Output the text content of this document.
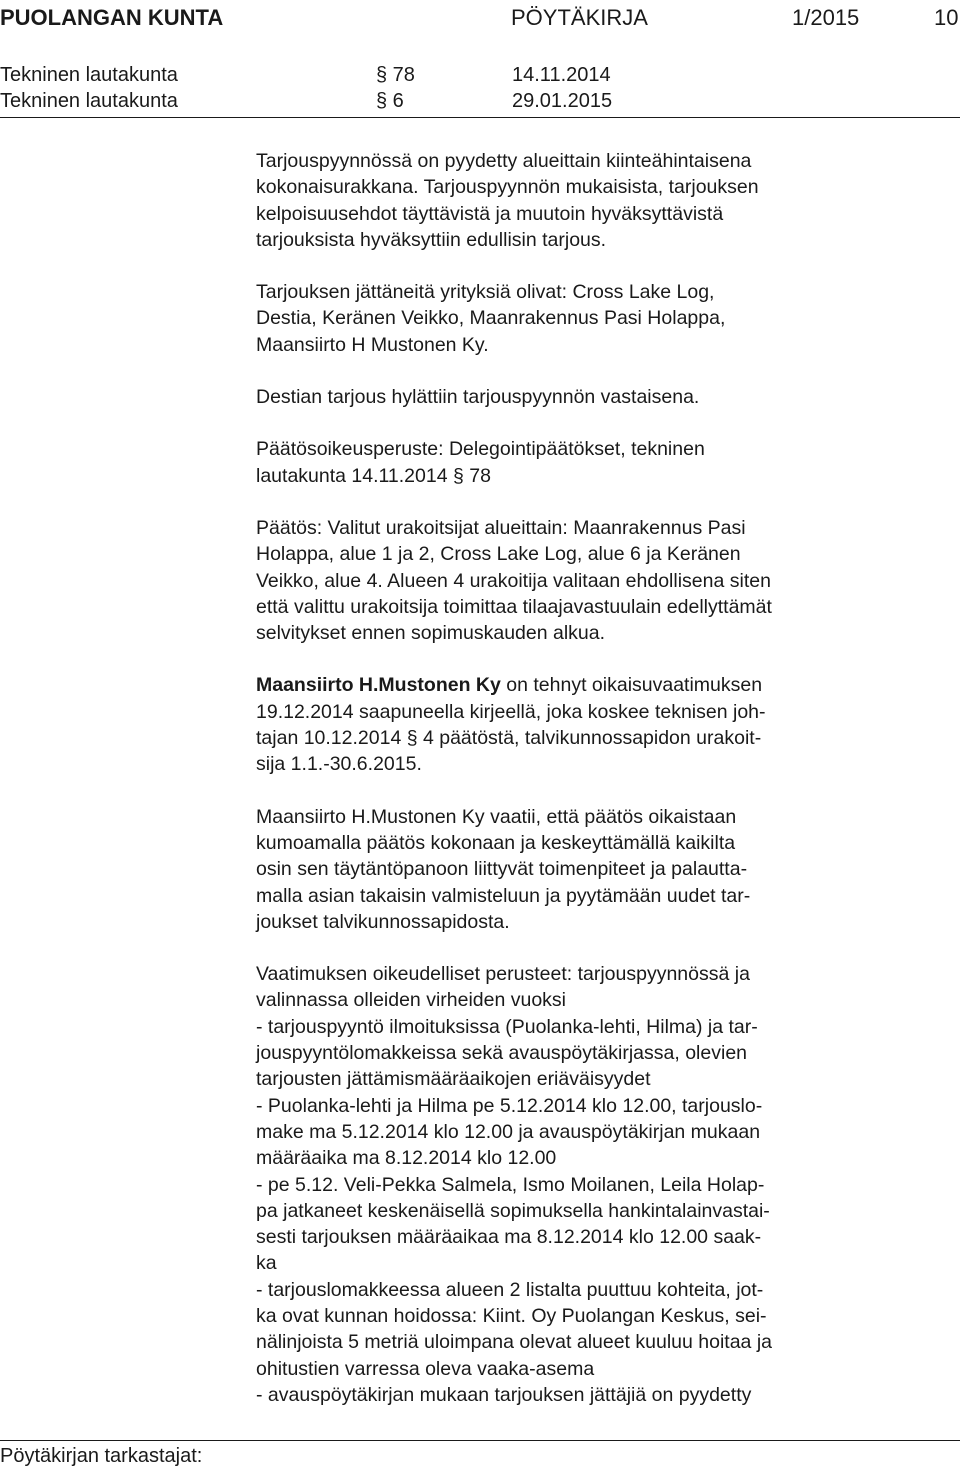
PUOLANGAN KUNTA	PÖYTÄKIRJA	1/2015	10
Tekninen lautakunta	§ 78	14.11.2014
Tekninen lautakunta	§ 6	29.01.2015

Tarjouspyynnössä on pyydetty alueittain kiinteähintaisena
kokonaisurakkana. Tarjouspyynnön mukaisista, tarjouksen
kelpoisuusehdot täyttävistä ja muutoin hyväksyttävistä
tarjouksista hyväksyttiin edullisin tarjous.

Tarjouksen jättäneitä yrityksiä olivat: Cross Lake Log,
Destia, Keränen Veikko, Maanrakennus Pasi Holappa,
Maansiirto H Mustonen Ky.

Destian tarjous hylättiin tarjouspyynnön vastaisena.

Päätösoikeusperuste: Delegointipäätökset, tekninen
lautakunta 14.11.2014 § 78

Päätös: Valitut urakoitsijat alueittain: Maanrakennus Pasi
Holappa, alue 1 ja 2, Cross Lake Log, alue 6 ja Keränen
Veikko, alue 4. Alueen 4 urakoitija valitaan ehdollisena siten
että valittu urakoitsija toimittaa tilaajavastuulain edellyttämät
selvitykset ennen sopimuskauden alkua.

Maansiirto H.Mustonen Ky on tehnyt oikaisuvaatimuksen
19.12.2014 saapuneella kirjeellä, joka koskee teknisen joh-
tajan 10.12.2014 § 4 päätöstä, talvikunnossapidon urakoit-
sija 1.1.-30.6.2015.

Maansiirto H.Mustonen Ky vaatii, että päätös oikaistaan
kumoamalla päätös kokonaan ja keskeyttämällä kaikilta
osin sen täytäntöpanoon liittyvät toimenpiteet ja palautta-
malla asian takaisin valmisteluun ja pyytämään uudet tar-
joukset talvikunnossapidosta.

Vaatimuksen oikeudelliset perusteet: tarjouspyynnössä ja
valinnassa olleiden virheiden vuoksi
- tarjouspyyntö ilmoituksissa (Puolanka-lehti, Hilma) ja tar-
jouspyyntölomakkeissa sekä avauspöytäkirjassa, olevien
tarjousten jättämismääräaikojen eriäväisyydet
- Puolanka-lehti ja Hilma pe 5.12.2014 klo 12.00, tarjouslo-
make ma 5.12.2014 klo 12.00 ja avauspöytäkirjan mukaan
määräaika ma 8.12.2014 klo 12.00
- pe 5.12. Veli-Pekka Salmela, Ismo Moilanen, Leila Holap-
pa jatkaneet keskenäisellä sopimuksella hankintalainvastai-
sesti tarjouksen määräaikaa ma 8.12.2014 klo 12.00 saak-
ka
- tarjouslomakkeessa alueen 2 listalta puuttuu kohteita, jot-
ka ovat kunnan hoidossa: Kiint. Oy Puolangan Keskus, sei-
nälinjoista 5 metriä uloimpana olevat alueet kuuluu hoitaa ja
ohitustien varressa oleva vaaka-asema
- avauspöytäkirjan mukaan tarjouksen jättäjiä on pyydetty

Pöytäkirjan tarkastajat:
